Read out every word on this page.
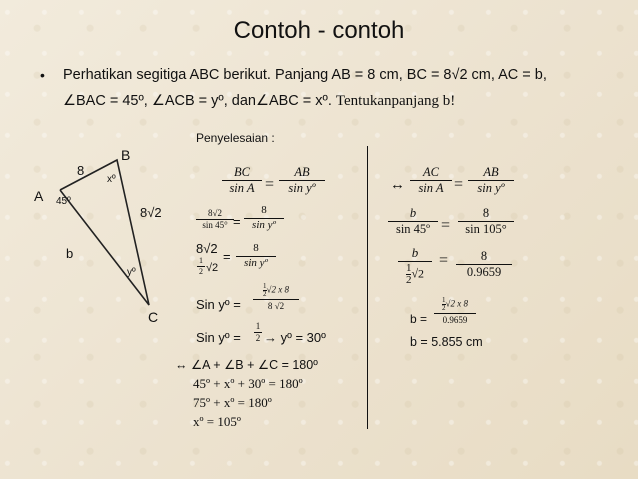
Contoh - contoh
• Perhatikan segitiga ABC berikut. Panjang AB = 8 cm, BC = 8√2 cm, AC = b,
∠BAC = 45º, ∠ACB = yº, dan∠ABC = xº. Tentukanpanjang b!
A
B
C
8
8√2
b
45º
xº
yº
Penyelesaian :
BC
sin A =
AB
sin yº
8√2
sin 45° =
8
sin yº
8√2
1
2 √2
=
8
sin yº
Sin yº =
$\frac{1}{2} √2$ x 8
8 √2
Sin yº =
1
2 → yº = 30º
↔ ∠A + ∠B + ∠C = 180º
45º + xº + 30º = 180º
75º + xº = 180º
xº = 105º
↔
AC
sin A =
AB
sin yº
b
sin 45º =
8
sin 105°
b
$\frac{1}{2} √2$
=	8
0.9659
b =
$\frac{1}{2} √2$ x 8
0.9659
b = 5.855 cm
